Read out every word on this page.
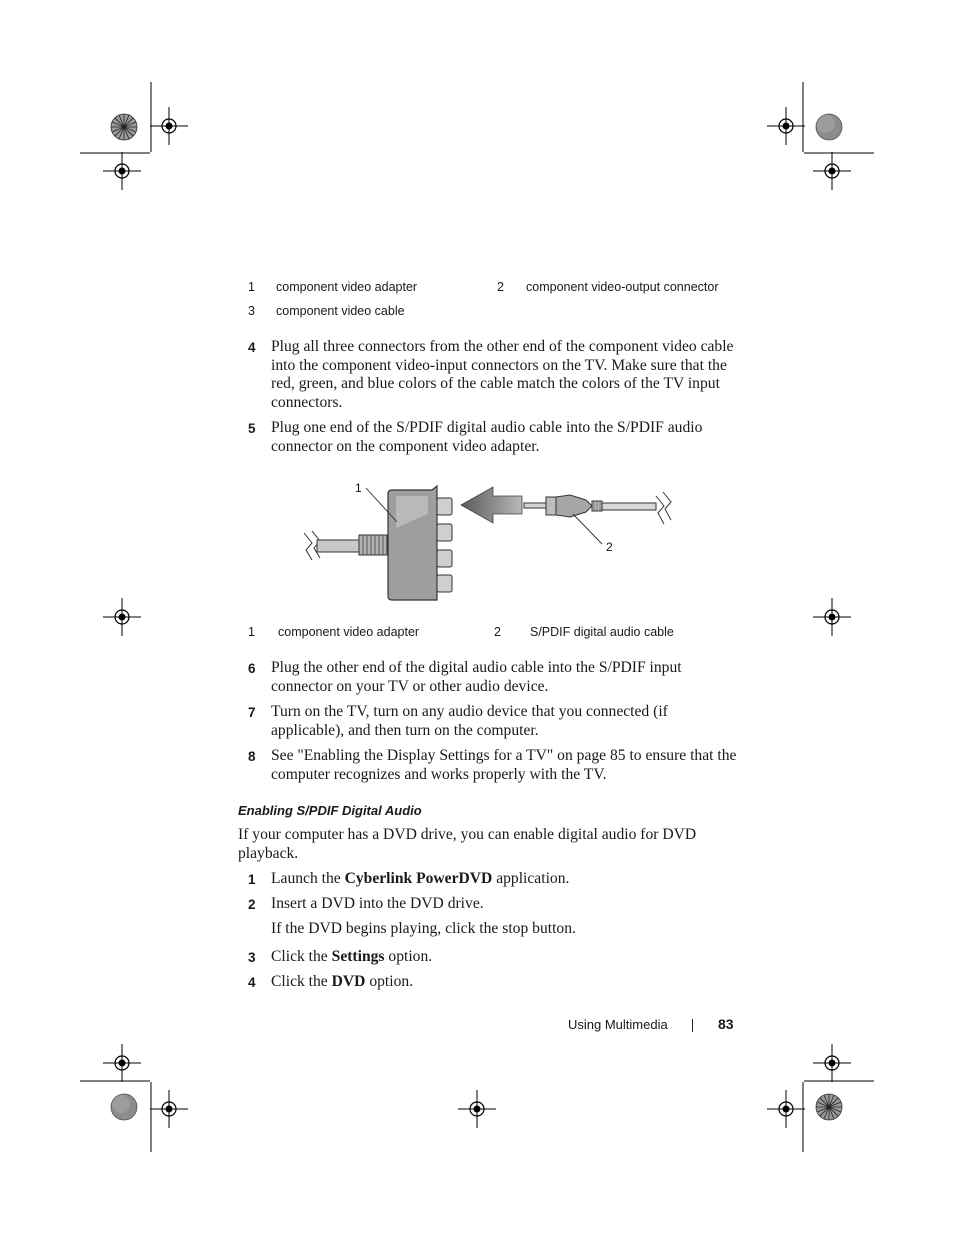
1 component video adapter	2 component video-output connector
3 component video cable
4 Plug all three connectors from the other end of the component video cable into the component video-input connectors on the TV. Make sure that the red, green, and blue colors of the cable match the colors of the TV input connectors.
5 Plug one end of the S/PDIF digital audio cable into the S/PDIF audio connector on the component video adapter.
1
2
1 component video adapter	2 S/PDIF digital audio cable
6 Plug the other end of the digital audio cable into the S/PDIF input connector on your TV or other audio device.
7 Turn on the TV, turn on any audio device that you connected (if applicable), and then turn on the computer.
8 See "Enabling the Display Settings for a TV" on page 85 to ensure that the computer recognizes and works properly with the TV.
Enabling S/PDIF Digital Audio
If your computer has a DVD drive, you can enable digital audio for DVD playback.
1 Launch the Cyberlink PowerDVD application.
2 Insert a DVD into the DVD drive.
If the DVD begins playing, click the stop button.
3 Click the Settings option.
4 Click the DVD option.
Using Multimedia	83
